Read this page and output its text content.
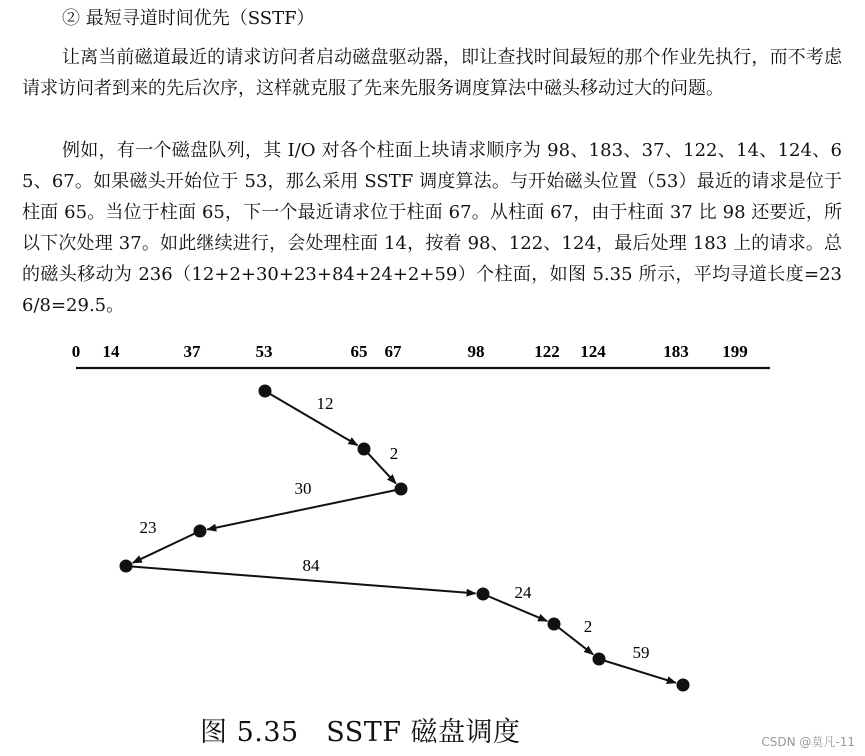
② 最短寻道时间优先（SSTF）

让离当前磁道最近的请求访问者启动磁盘驱动器，即让查找时间最短的那个作业先执行，而不考虑请求访问者到来的先后次序，这样就克服了先来先服务调度算法中磁头移动过大的问题。

例如，有一个磁盘队列，其 I/O 对各个柱面上块请求顺序为 98、183、37、122、14、124、65、67。如果磁头开始位于 53，那么采用 SSTF 调度算法。与开始磁头位置（53）最近的请求是位于柱面 65。当位于柱面 65，下一个最近请求位于柱面 67。从柱面 67，由于柱面 37 比 98 还要近，所以下次处理 37。如此继续进行，会处理柱面 14，按着 98、122、124，最后处理 183 上的请求。总的磁头移动为 236（12+2+30+23+84+24+2+59）个柱面，如图 5.35 所示，平均寻道长度=236/8=29.5。

0 14	37	53	65 67	98	122 124	183 199
12
2
30
23
84
24
2
59
图 5.35　SSTF 磁盘调度	CSDN @莫凡-11
